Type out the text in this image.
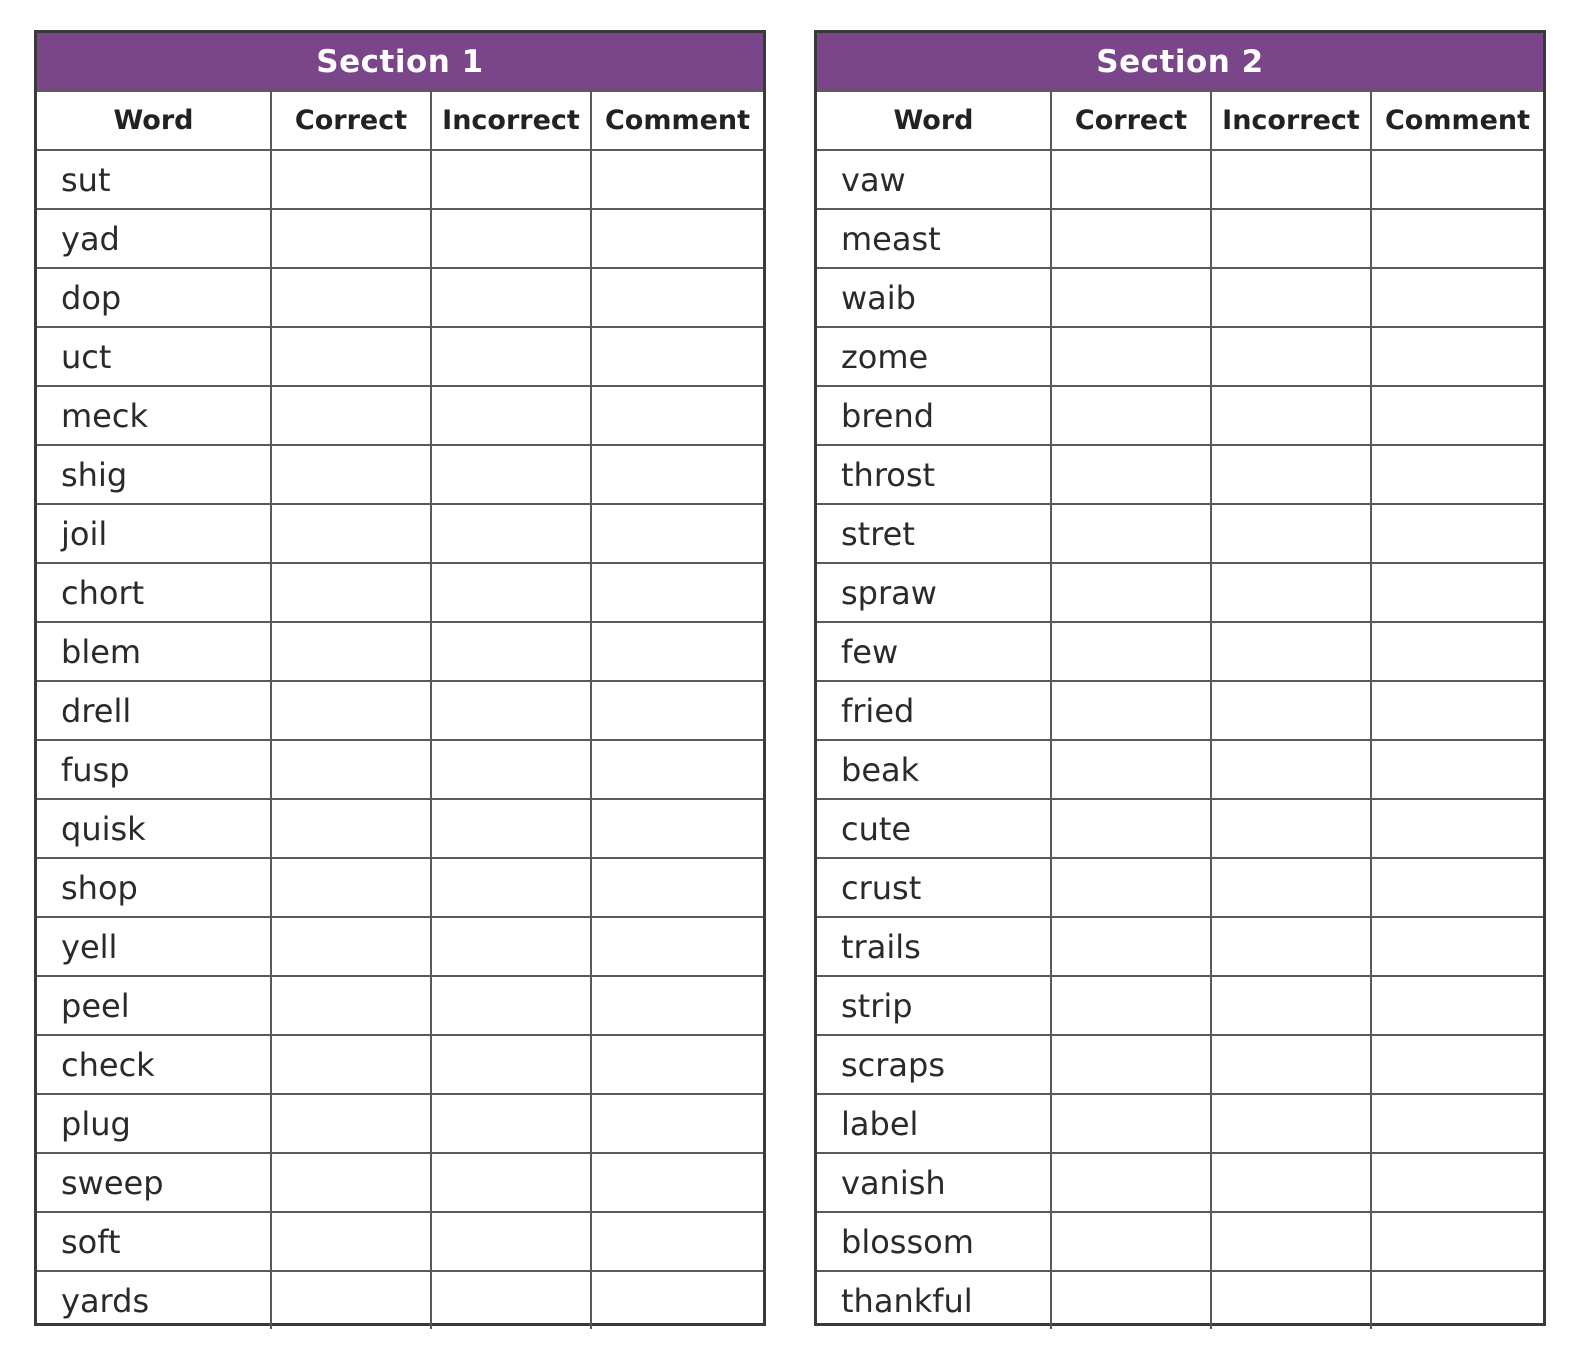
Section 1			
Word	Correct	Incorrect	Comment
sut			
yad			
dop			
uct			
meck			
shig			
joil			
chort			
blem			
drell			
fusp			
quisk			
shop			
yell			
peel			
check			
plug			
sweep			
soft			
yards			
Section 2			
Word	Correct	Incorrect	Comment
vaw			
meast			
waib			
zome			
brend			
throst			
stret			
spraw			
few			
fried			
beak			
cute			
crust			
trails			
strip			
scraps			
label			
vanish			
blossom			
thankful			
